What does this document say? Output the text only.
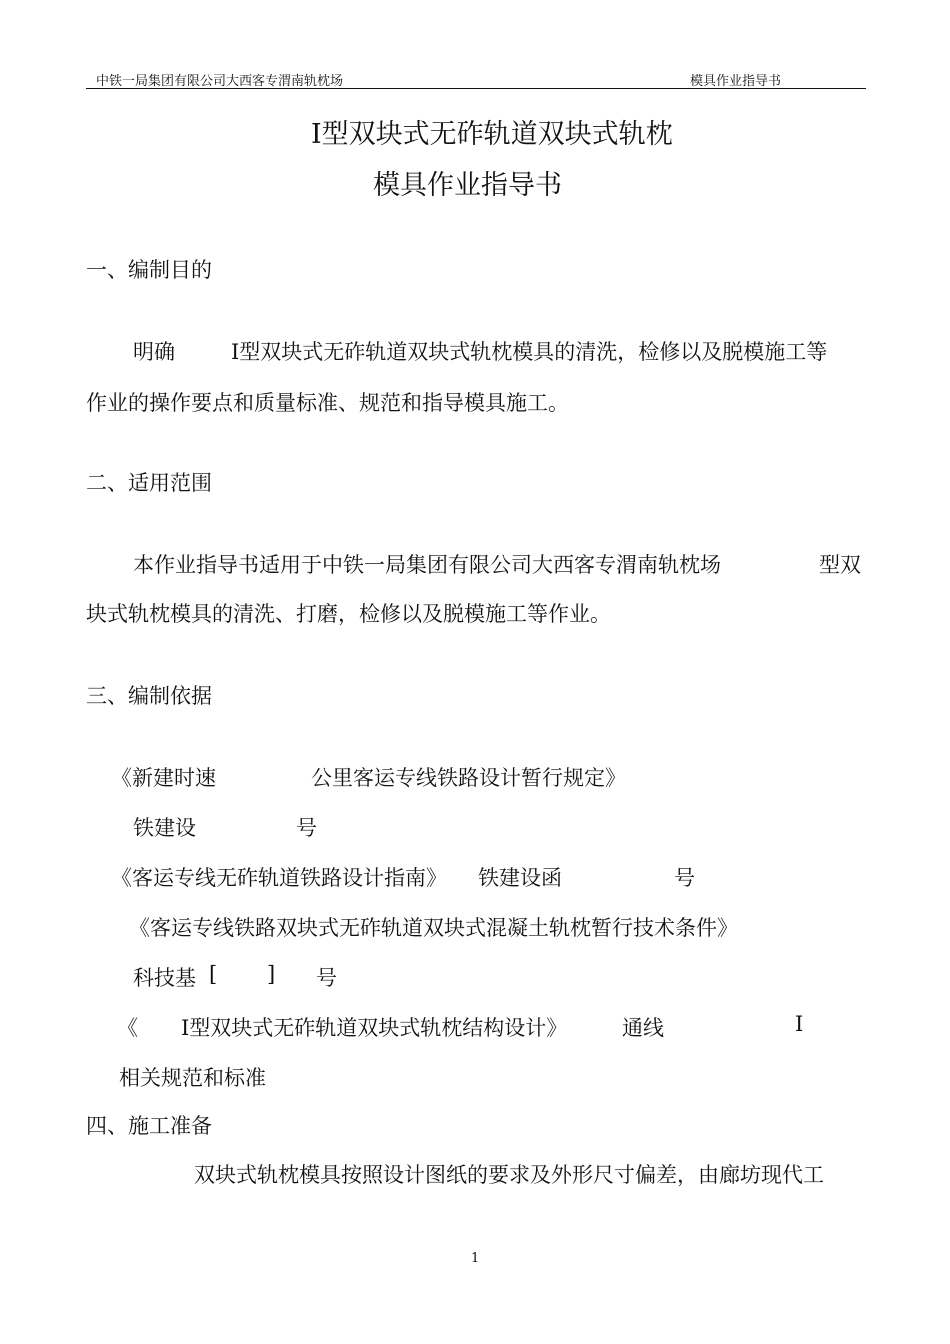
中铁一局集团有限公司大西客专渭南轨枕场	模具作业指导书
Ⅰ型双块式无砟轨道双块式轨枕
模具作业指导书
一、编制目的
明确	Ⅰ型双块式无砟轨道双块式轨枕模具的清洗，检修以及脱模施工等
作业的操作要点和质量标准、规范和指导模具施工。
二、适用范围
本作业指导书适用于中铁一局集团有限公司大西客专渭南轨枕场	型双
块式轨枕模具的清洗、打磨，检修以及脱模施工等作业。
三、编制依据
《新建时速	公里客运专线铁路设计暂行规定》
铁建设	号
《客运专线无砟轨道铁路设计指南》 铁建设函	号
《客运专线铁路双块式无砟轨道双块式混凝土轨枕暂行技术条件》
科技基 [ ] 号
《 Ⅰ型双块式无砟轨道双块式轨枕结构设计》	通线	Ⅰ
相关规范和标准
四、施工准备
双块式轨枕模具按照设计图纸的要求及外形尺寸偏差，由廊坊现代工
1
